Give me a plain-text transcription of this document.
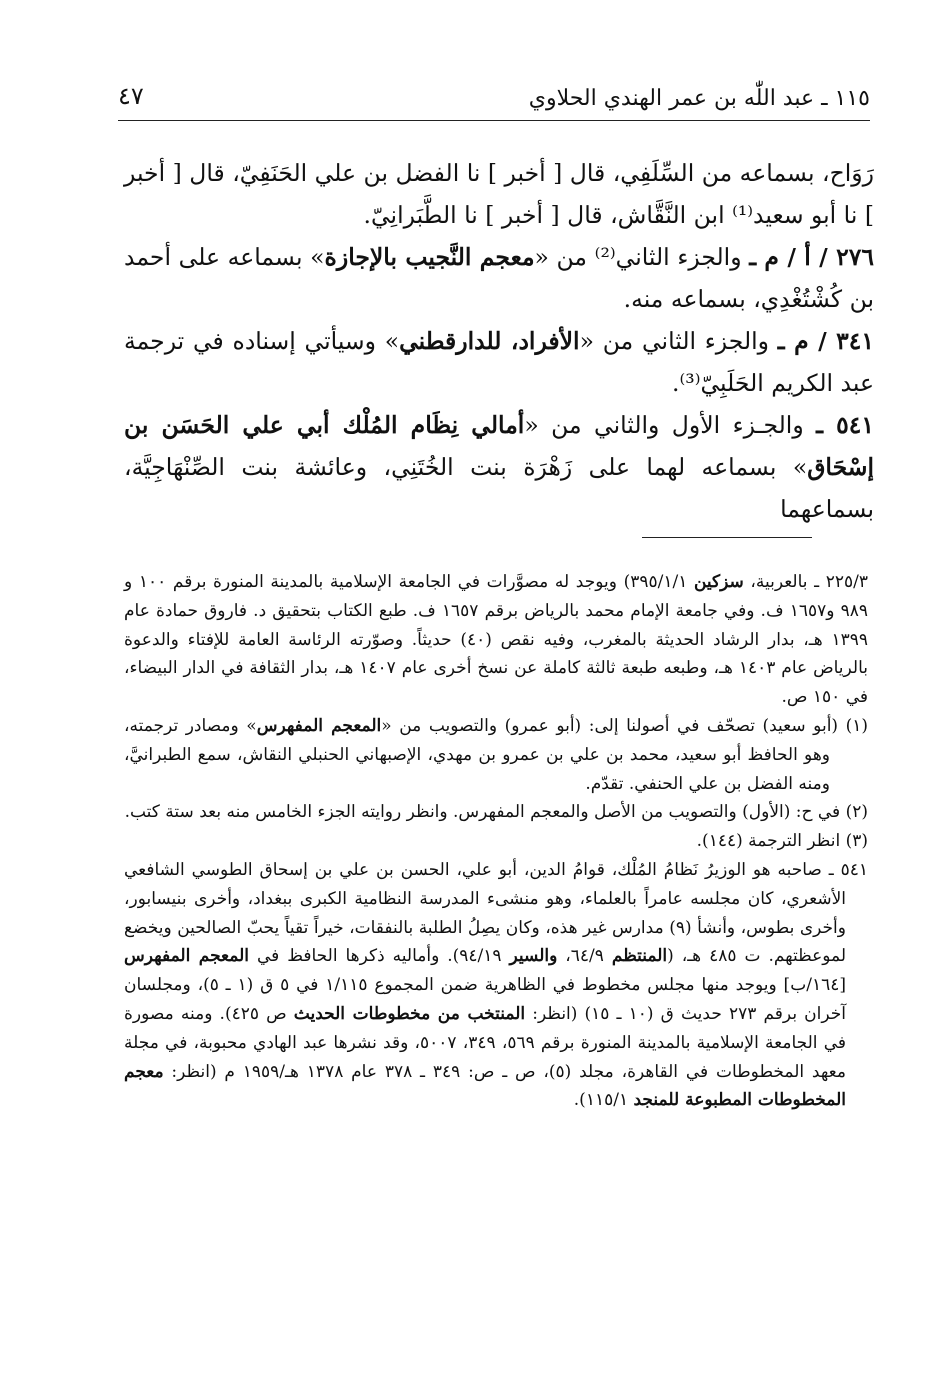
١١٥ ـ عبد اللّٰه بن عمر الهندي الحلاوي
٤٧

رَوَاح، بسماعه من السِّلَفِي، قال [ أخبر ] نا الفضل بن علي الحَنَفِيّ، قال [ أخبر ] نا أبو سعيد⁽¹⁾ ابن النَّقَّاش، قال [ أخبر ] نا الطَّبَرانِيّ.

٢٧٦ / أ / م ـ والجزء الثاني⁽²⁾ من «معجم النَّجيب بالإجازة» بسماعه على أحمد بن كُشْتُغْدِي، بسماعه منه.

٣٤١ / م ـ والجزء الثاني من «الأفراد، للدارقطني» وسيأتي إسناده في ترجمة عبد الكريم الحَلَبِيّ⁽³⁾.

٥٤١ ـ والجـزء الأول والثاني من «أمالي نِظَام المُلْك أبي علي الحَسَن بن إسْحَاق» بسماعه لهما على زَهْرَة بنت الخُتَنِي، وعائشة بنت الصِّنْهَاجِيَّة، بسماعهما

٢٢٥/٣ ـ بالعربية، سزكين ٣٩٥/١/١) ويوجد له مصوَّرات في الجامعة الإسلامية بالمدينة المنورة برقم ١٠٠ و ٩٨٩ و١٦٥٧ ف. وفي جامعة الإمام محمد بالرياض برقم ١٦٥٧ ف. طبع الكتاب بتحقيق د. فاروق حمادة عام ١٣٩٩ هـ، بدار الرشاد الحديثة بالمغرب، وفيه نقص (٤٠) حديثاً. وصوّرته الرئاسة العامة للإفتاء والدعوة بالرياض عام ١٤٠٣ هـ، وطبعه طبعة ثالثة كاملة عن نسخ أخرى عام ١٤٠٧ هـ، بدار الثقافة في الدار البيضاء، في ١٥٠ ص.

(١) (أبو سعيد) تصحّف في أصولنا إلى: (أبو عمرو) والتصويب من «المعجم المفهرس» ومصادر ترجمته، وهو الحافظ أبو سعيد، محمد بن علي بن عمرو بن مهدي، الإصبهاني الحنبلي النقاش، سمع الطبرانيَّ، ومنه الفضل بن علي الحنفي. تقدّم.

(٢) في ح: (الأول) والتصويب من الأصل والمعجم المفهرس. وانظر روايته الجزء الخامس منه بعد ستة كتب.

(٣) انظر الترجمة (١٤٤).

٥٤١ ـ صاحبه هو الوزيرُ نَظامُ المُلْك، قوامُ الدين، أبو علي، الحسن بن علي بن إسحاق الطوسي الشافعي الأشعري، كان مجلسه عامراً بالعلماء، وهو منشىء المدرسة النظامية الكبرى ببغداد، وأخرى بنيسابور، وأخرى بطوس، وأنشأ (٩) مدارس غير هذه، وكان يصِلُ الطلبة بالنفقات، خيراً تقياً يحبّ الصالحين ويخضع لموعظتهم. ت ٤٨٥ هـ، (المنتظم ٦٤/٩، والسير ٩٤/١٩). وأماليه ذكرها الحافظ في المعجم المفهرس [١٦٤/ب] ويوجد منها مجلس مخطوط في الظاهرية ضمن المجموع ١/١١٥ في ٥ ق (١ ـ ٥)، ومجلسان آخران برقم ٢٧٣ حديث ق (١٠ ـ ١٥) (انظر: المنتخب من مخطوطات الحديث ص ٤٢٥). ومنه مصورة في الجامعة الإسلامية بالمدينة المنورة برقم ٥٦٩، ٣٤٩، ٥٠٠٧، وقد نشرها عبد الهادي محبوبة، في مجلة معهد المخطوطات في القاهرة، مجلد (٥)، ص ـ ص: ٣٤٩ ـ ٣٧٨ عام ١٣٧٨ هـ/١٩٥٩ م (انظر: معجم المخطوطات المطبوعة للمنجد ١١٥/١).
